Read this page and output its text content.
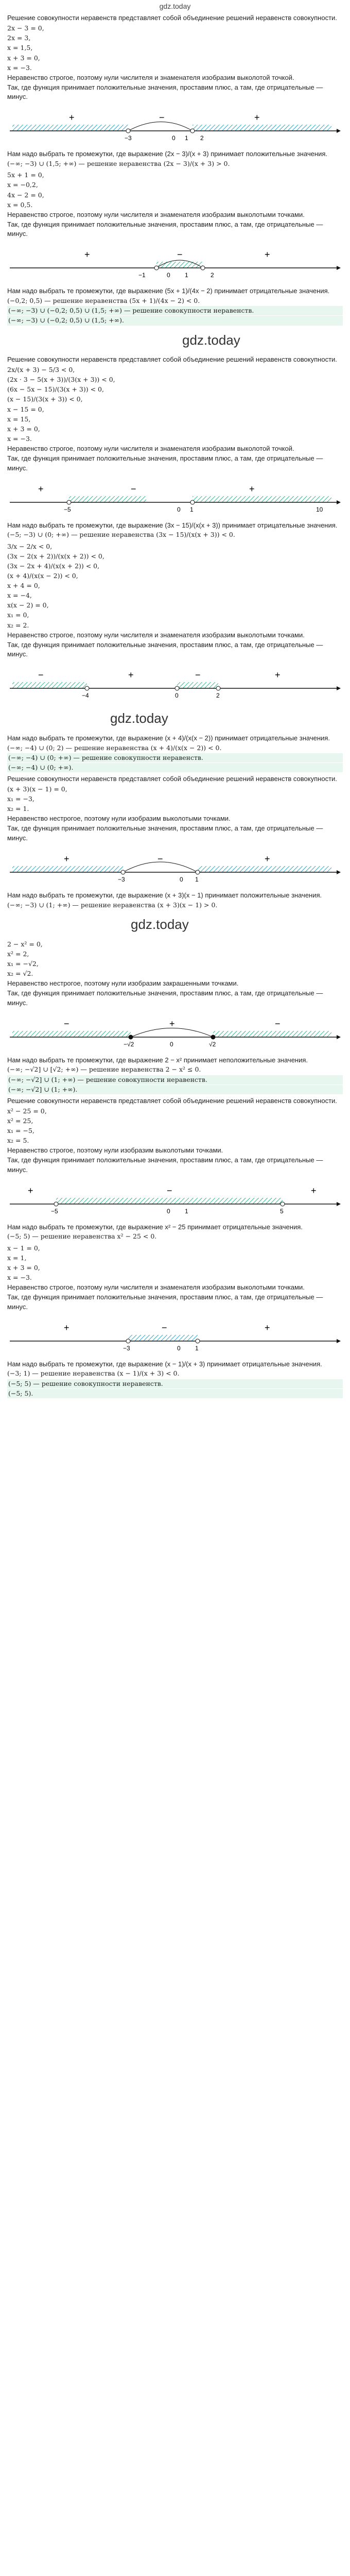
gdz.today

Решение совокупности неравенств представляет собой объединение решений неравенств совокупности.

2x − 3 = 0,

2x = 3,

x = 1,5,

x + 3 = 0,

x = −3.

Неравенство строгое, поэтому нули числителя и знаменателя изобразим выколотой точкой.

Так, где функция принимает положительные значения, проставим плюс, а там, где отрицательные — минус.

−3	0 1 2
+	−	+

Нам надо выбрать те промежутки, где выражение (2x − 3)/(x + 3) принимает положительные значения.

(−∞; −3) ∪ (1,5; +∞) — решение неравенства (2x − 3)/(x + 3) > 0.

5x + 1 = 0,

x = −0,2,

4x − 2 = 0,

x = 0,5.

Неравенство строгое, поэтому нули числителя и знаменателя изобразим выколотыми точками.

Так, где функция принимает положительные значения, проставим плюс, а там, где отрицательные — минус.

−1	0 1	2
+	−	+

Нам надо выбрать те промежутки, где выражение (5x + 1)/(4x − 2) принимает отрицательные значения.

(−0,2; 0,5) — решение неравенства (5x + 1)/(4x − 2) < 0.

(−∞; −3) ∪ (−0,2; 0,5) ∪ (1,5; +∞) — решение совокупности неравенств.

(−∞; −3) ∪ (−0,2; 0,5) ∪ (1,5; +∞).

gdz.today

Решение совокупности неравенств представляет собой объединение решений неравенств совокупности.

2x/(x + 3) − 5/3 < 0,

(2x · 3 − 5(x + 3))/(3(x + 3)) < 0,

(6x − 5x − 15)/(3(x + 3)) < 0,

(x − 15)/(3(x + 3)) < 0,

x − 15 = 0,

x = 15,

x + 3 = 0,

x = −3.

Неравенство строгое, поэтому нули числителя и знаменателя изобразим выколотой точкой.

Так, где функция принимает положительные значения, проставим плюс, а там, где отрицательные — минус.

−5	0 1	10
+	−	+

Нам надо выбрать те промежутки, где выражение (3x − 15)/(x(x + 3)) принимает отрицательные значения.

(−5; −3) ∪ (0; +∞) — решение неравенства (3x − 15)/(x(x + 3)) < 0.

3/x − 2/x < 0,

(3x − 2(x + 2))/(x(x + 2)) < 0,

(3x − 2x + 4)/(x(x + 2)) < 0,

(x + 4)/(x(x − 2)) < 0,

x + 4 = 0,

x = −4,

x(x − 2) = 0,

x₁ = 0,

x₂ = 2.

Неравенство строгое, поэтому нули числителя и знаменателя изобразим выколотыми точками.

Так, где функция принимает положительные значения, проставим плюс, а там, где отрицательные — минус.

−4	0	2
−	+	−	+
gdz.today

Нам надо выбрать те промежутки, где выражение (x + 4)/(x(x − 2)) принимает отрицательные значения.

(−∞; −4) ∪ (0; 2) — решение неравенства (x + 4)/(x(x − 2)) < 0.

(−∞; −4) ∪ (0; +∞) — решение совокупности неравенств.

(−∞; −4) ∪ (0; +∞).

Решение совокупности неравенств представляет собой объединение решений неравенств совокупности.

(x + 3)(x − 1) = 0,

x₁ = −3,

x₂ = 1.

Неравенство нестрогое, поэтому нули изобразим выколотыми точками.

Так, где функция принимает положительные значения, проставим плюс, а там, где отрицательные — минус.

−3	0 1
+	−	+

Нам надо выбрать те промежутки, где выражение (x + 3)(x − 1) принимает положительные значения.

(−∞; −3) ∪ (1; +∞) — решение неравенства (x + 3)(x − 1) > 0.

gdz.today

2 − x² = 0,

x² = 2,

x₁ = −√2,

x₂ = √2.

Неравенство нестрогое, поэтому нули изобразим закрашенными точками.

Так, где функция принимает положительные значения, проставим плюс, а там, где отрицательные — минус.

−√2	0	√2
−	+	−

Нам надо выбрать те промежутки, где выражение 2 − x² принимает неположительные значения.

(−∞; −√2] ∪ [√2; +∞) — решение неравенства 2 − x² ≤ 0.

(−∞; −√2] ∪ (1; +∞) — решение совокупности неравенств.

(−∞; −√2] ∪ (1; +∞).

Решение совокупности неравенств представляет собой объединение решений неравенств совокупности.

x² − 25 = 0,

x² = 25,

x₁ = −5,

x₂ = 5.

Неравенство строгое, поэтому нули изобразим выколотыми точками.

Так, где функция принимает положительные значения, проставим плюс, а там, где отрицательные — минус.

−5	0 1	5
+	−	+

Нам надо выбрать те промежутки, где выражение x² − 25 принимает отрицательные значения.

(−5; 5) — решение неравенства x² − 25 < 0.

x − 1 = 0,

x = 1,

x + 3 = 0,

x = −3.

Неравенство строгое, поэтому нули числителя и знаменателя изобразим выколотыми точками.

Так, где функция принимает положительные значения, проставим плюс, а там, где отрицательные — минус.

−3	0 1
+	−	+

Нам надо выбрать те промежутки, где выражение (x − 1)/(x + 3) принимает отрицательные значения.

(−3; 1) — решение неравенства (x − 1)/(x + 3) < 0.

(−5; 5) — решение совокупности неравенств.

(−5; 5).
